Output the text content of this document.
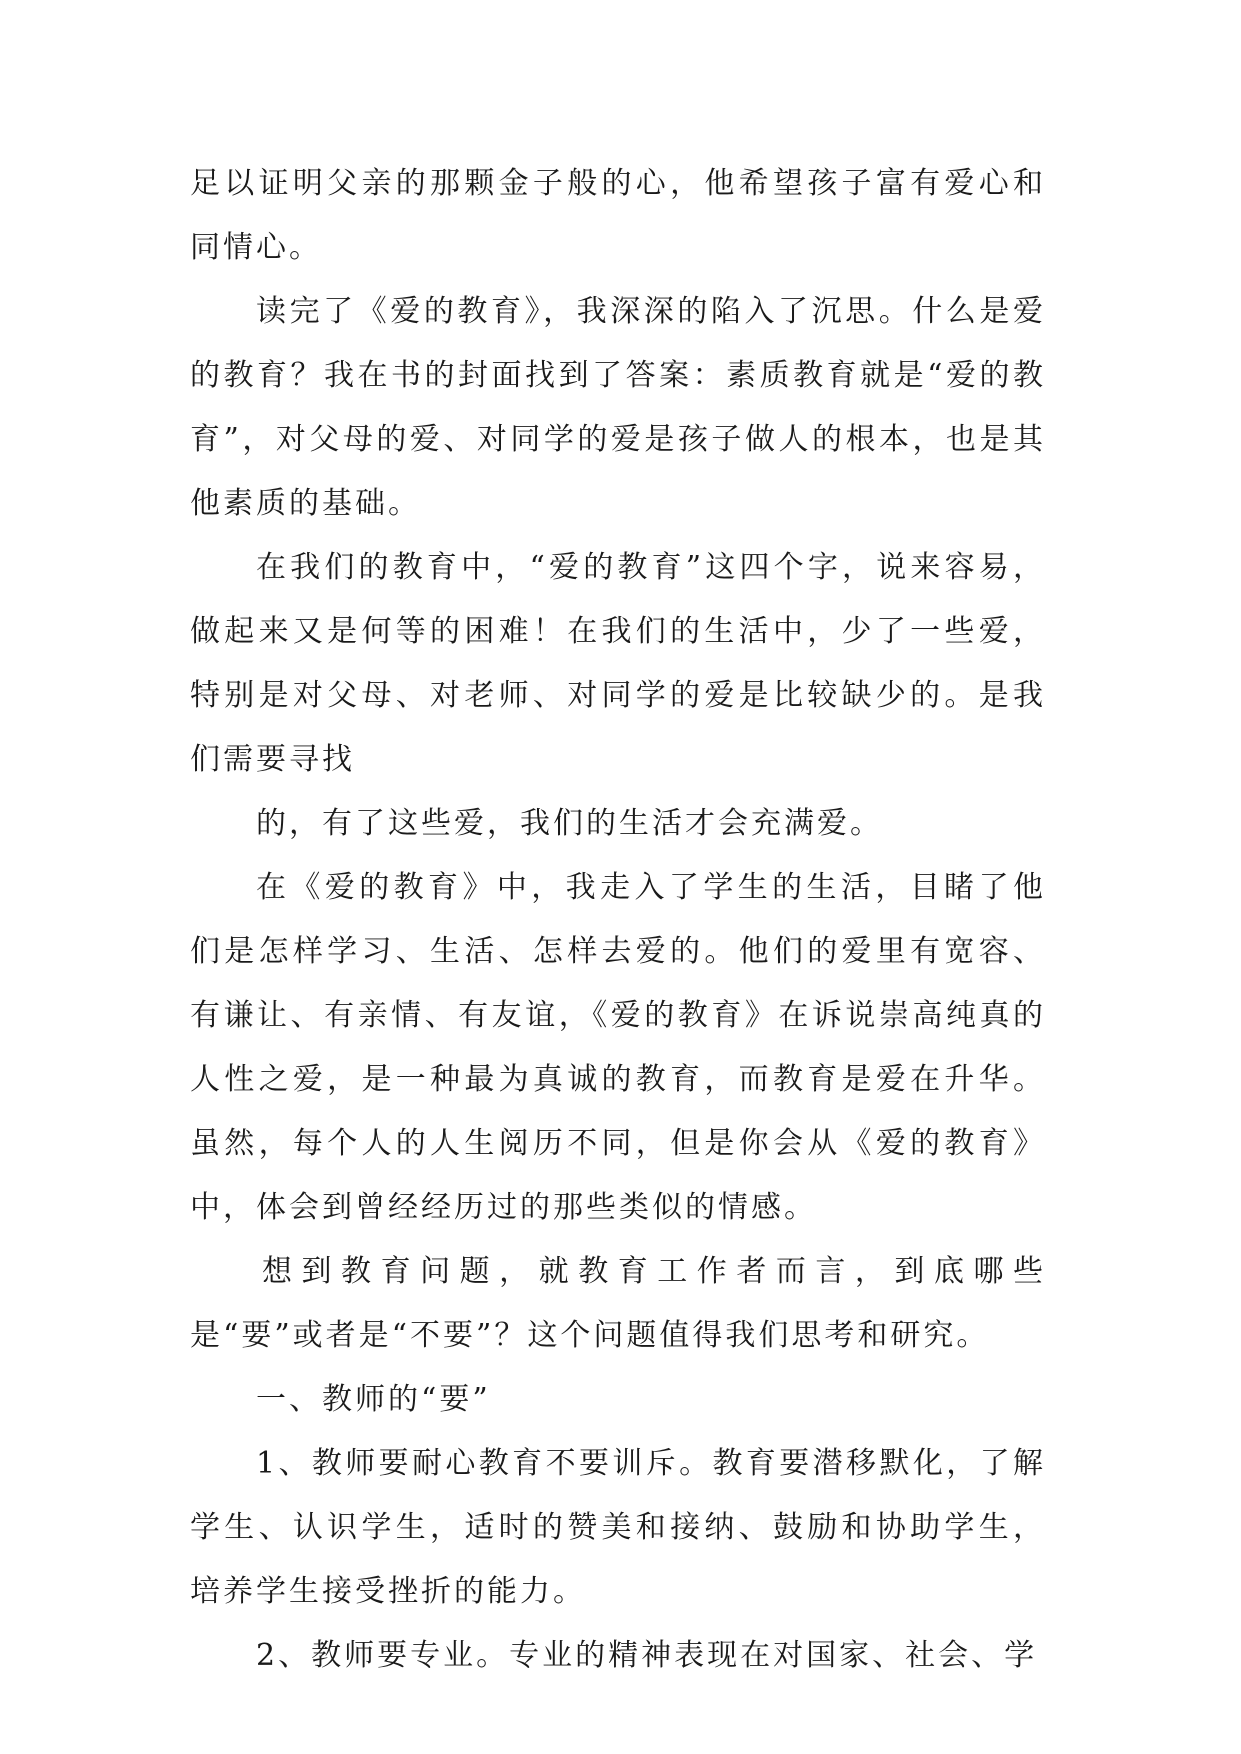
足以证明父亲的那颗金子般的心，他希望孩子富有爱心和同情心。

读完了《爱的教育》，我深深的陷入了沉思。什么是爱的教育？我在书的封面找到了答案：素质教育就是“爱的教育”，对父母的爱、对同学的爱是孩子做人的根本，也是其他素质的基础。

在我们的教育中，“爱的教育”这四个字，说来容易，做起来又是何等的困难！在我们的生活中，少了一些爱，特别是对父母、对老师、对同学的爱是比较缺少的。是我们需要寻找

的，有了这些爱，我们的生活才会充满爱。

在《爱的教育》中，我走入了学生的生活，目睹了他们是怎样学习、生活、怎样去爱的。他们的爱里有宽容、有谦让、有亲情、有友谊，《爱的教育》在诉说崇高纯真的人性之爱，是一种最为真诚的教育，而教育是爱在升华。虽然，每个人的人生阅历不同，但是你会从《爱的教育》中，体会到曾经经历过的那些类似的情感。

想到教育问题，就教育工作者而言，到底哪些是“要”或者是“不要”？这个问题值得我们思考和研究。

一、教师的“要”

1、教师要耐心教育不要训斥。教育要潜移默化，了解学生、认识学生，适时的赞美和接纳、鼓励和协助学生，培养学生接受挫折的能力。

2、教师要专业。专业的精神表现在对国家、社会、学
